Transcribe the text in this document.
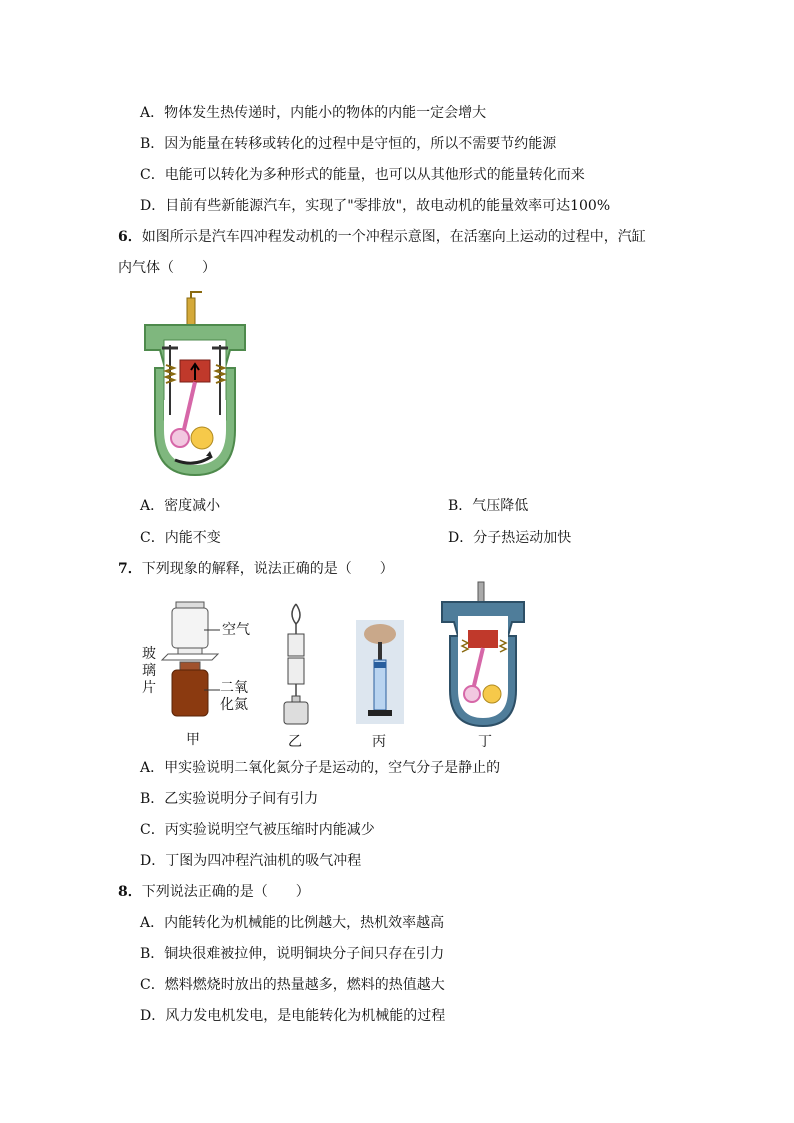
A．物体发生热传递时，内能小的物体的内能一定会增大
B．因为能量在转移或转化的过程中是守恒的，所以不需要节约能源
C．电能可以转化为多种形式的能量，也可以从其他形式的能量转化而来
D．目前有些新能源汽车，实现了"零排放"，故电动机的能量效率可达100%
6．如图所示是汽车四冲程发动机的一个冲程示意图，在活塞向上运动的过程中，汽缸
内气体（　　）
A．密度减小	B．气压降低
C．内能不变	D．分子热运动加快
7．下列现象的解释，说法正确的是（　　）
空气
玻
璃
片	二氧
化氮
甲	乙	丙	丁
A．甲实验说明二氧化氮分子是运动的，空气分子是静止的
B．乙实验说明分子间有引力
C．丙实验说明空气被压缩时内能减少
D．丁图为四冲程汽油机的吸气冲程
8．下列说法正确的是（　　）
A．内能转化为机械能的比例越大，热机效率越高
B．铜块很难被拉伸，说明铜块分子间只存在引力
C．燃料燃烧时放出的热量越多，燃料的热值越大
D．风力发电机发电，是电能转化为机械能的过程
